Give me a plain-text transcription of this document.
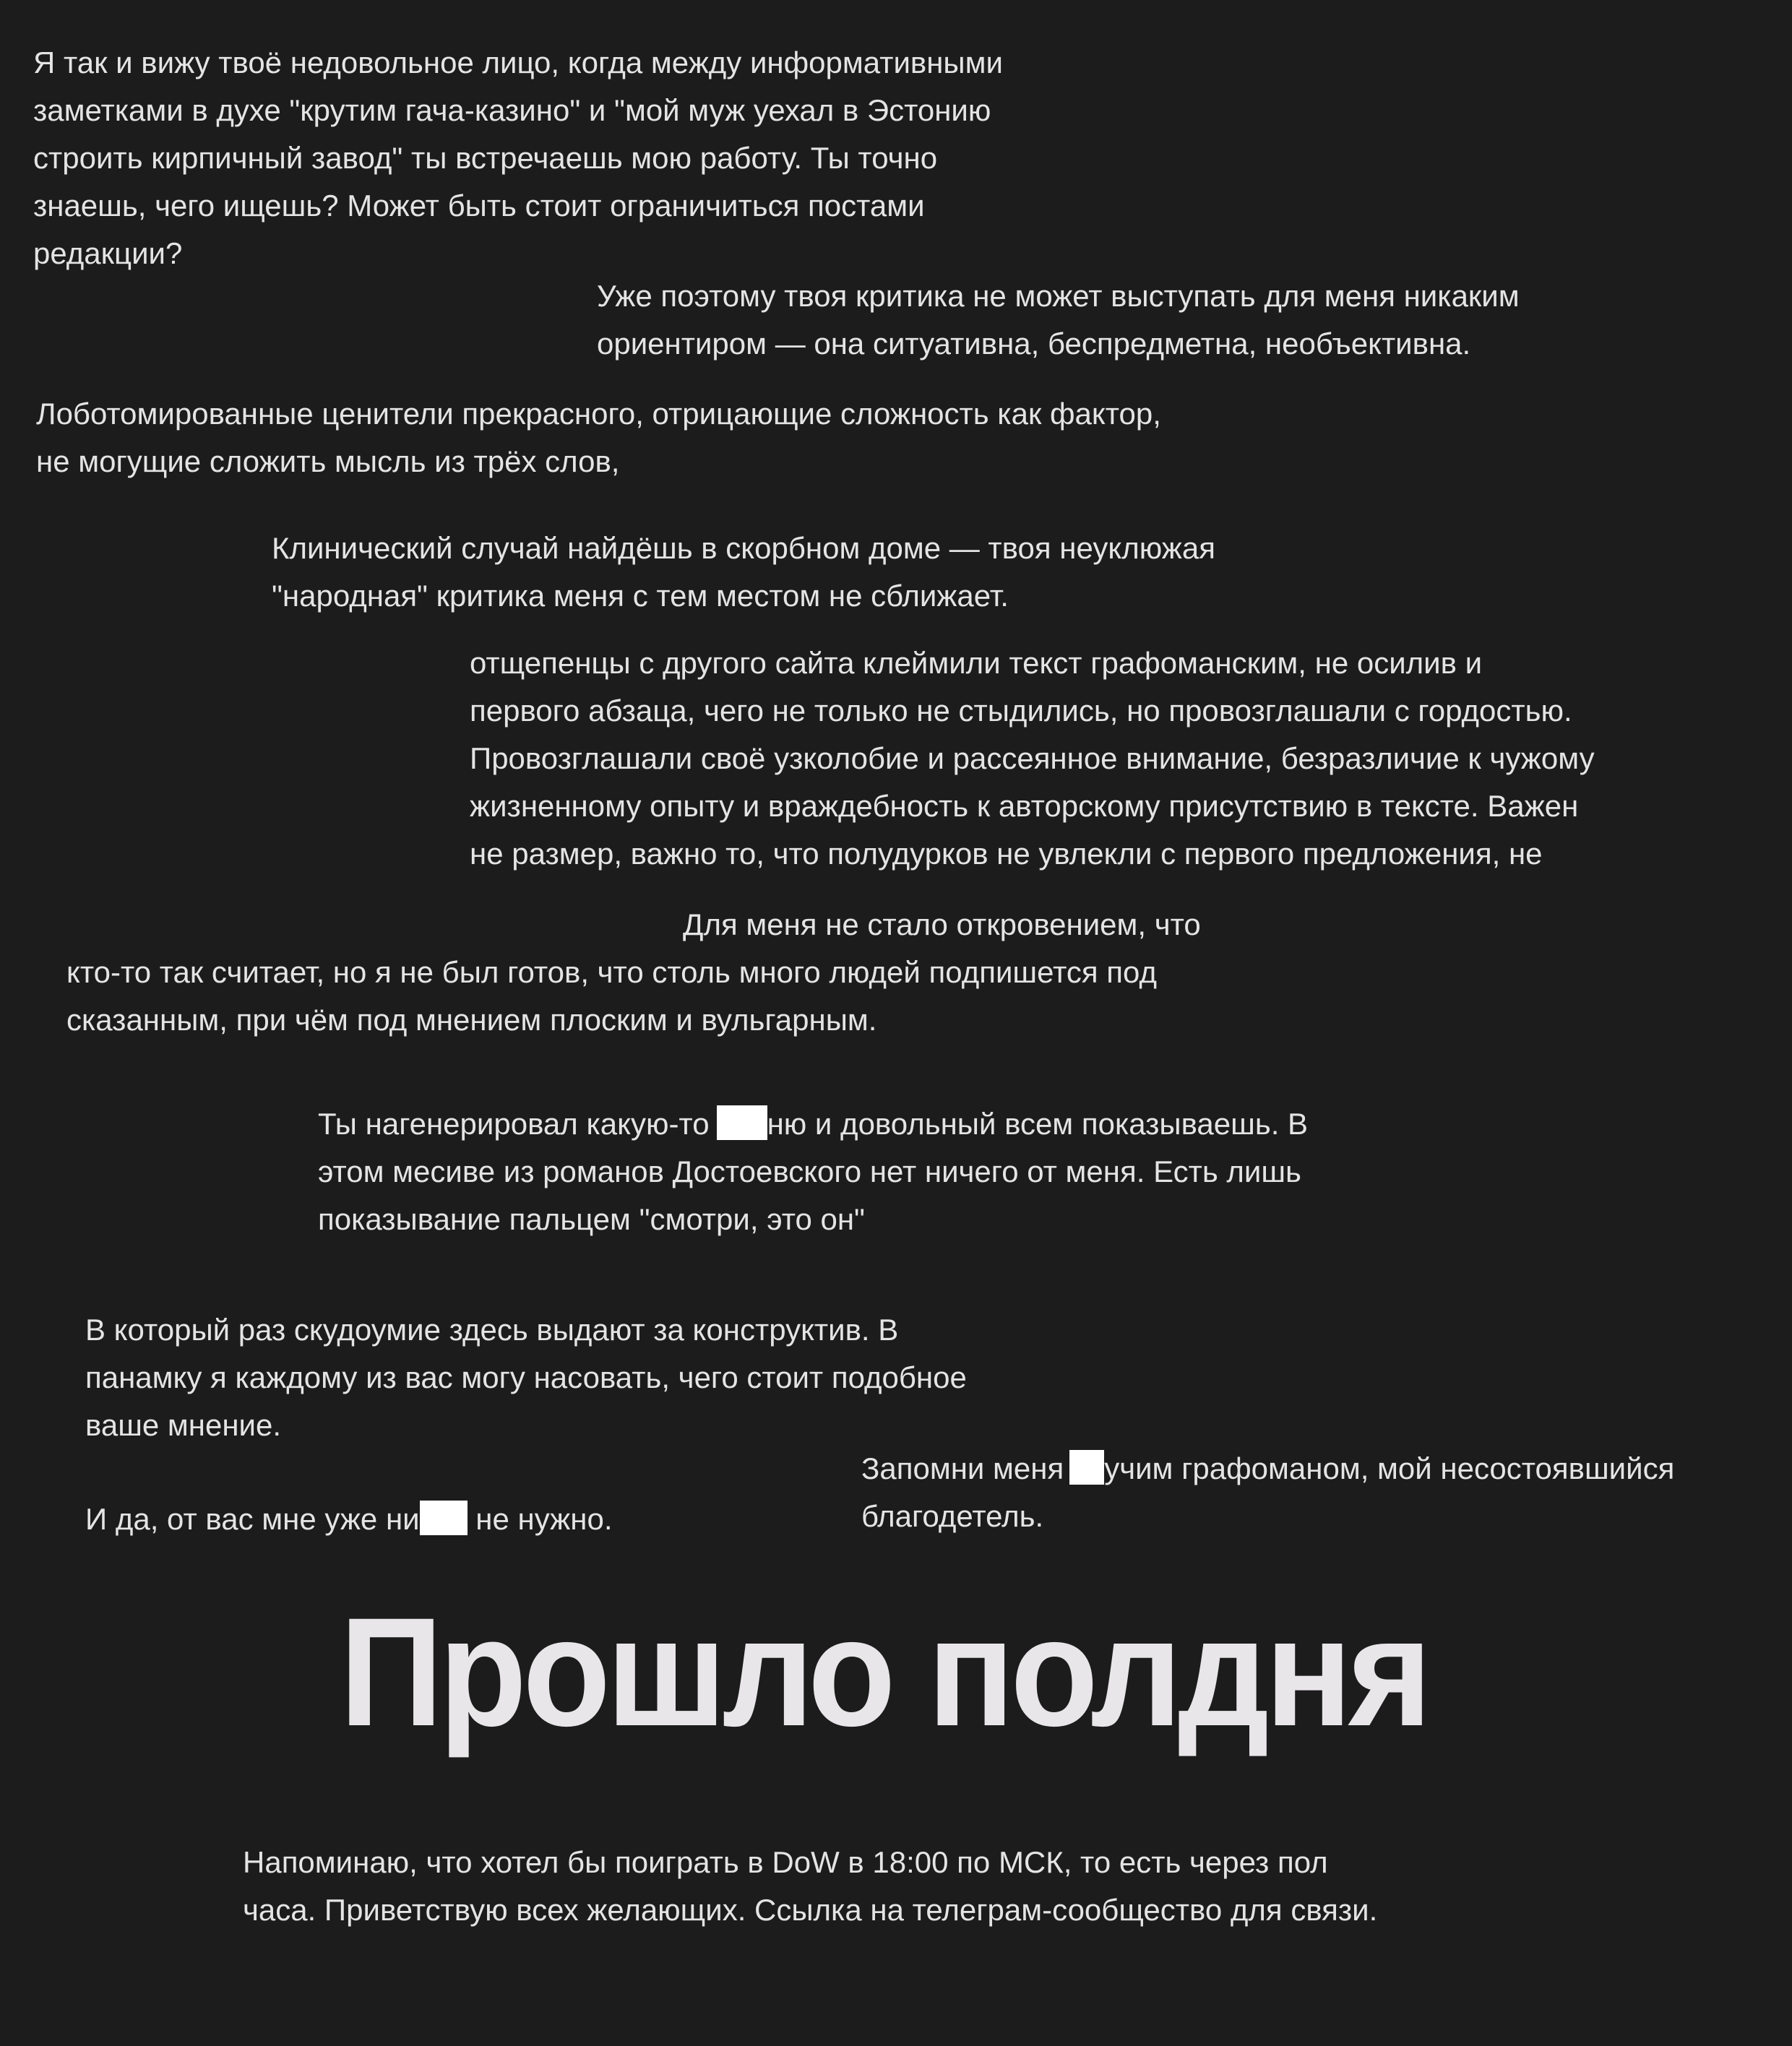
Я так и вижу твоё недовольное лицо, когда между информативными

заметками в духе "крутим гача-казино" и "мой муж уехал в Эстонию

строить кирпичный завод" ты встречаешь мою работу. Ты точно

знаешь, чего ищешь? Может быть стоит ограничиться постами

редакции?

Уже поэтому твоя критика не может выступать для меня никаким

ориентиром — она ситуативна, беспредметна, необъективна.

Лоботомированные ценители прекрасного, отрицающие сложность как фактор,

не могущие сложить мысль из трёх слов,

Клинический случай найдёшь в скорбном доме — твоя неуклюжая

"народная" критика меня с тем местом не сближает.

отщепенцы с другого сайта клеймили текст графоманским, не осилив и

первого абзаца, чего не только не стыдились, но провозглашали с гордостью.

Провозглашали своё узколобие и рассеянное внимание, безразличие к чужому

жизненному опыту и враждебность к авторскому присутствию в тексте. Важен

не размер, важно то, что полудурков не увлекли с первого предложения, не

Для меня не стало откровением, что

кто-то так считает, но я не был готов, что столь много людей подпишется под

сказанным, при чём под мнением плоским и вульгарным.

Ты нагенерировал какую-то ню и довольный всем показываешь. В

этом месиве из романов Достоевского нет ничего от меня. Есть лишь

показывание пальцем "смотри, это он"

В который раз скудоумие здесь выдают за конструктив. В

панамку я каждому из вас могу насовать, чего стоит подобное

ваше мнение.

Запомни меня учим графоманом, мой несостоявшийся

благодетель.

И да, от вас мне уже ни не нужно.

Прошло полдня

Напоминаю, что хотел бы поиграть в DoW в 18:00 по МСК, то есть через пол

часа. Приветствую всех желающих. Ссылка на телеграм-сообщество для связи.
